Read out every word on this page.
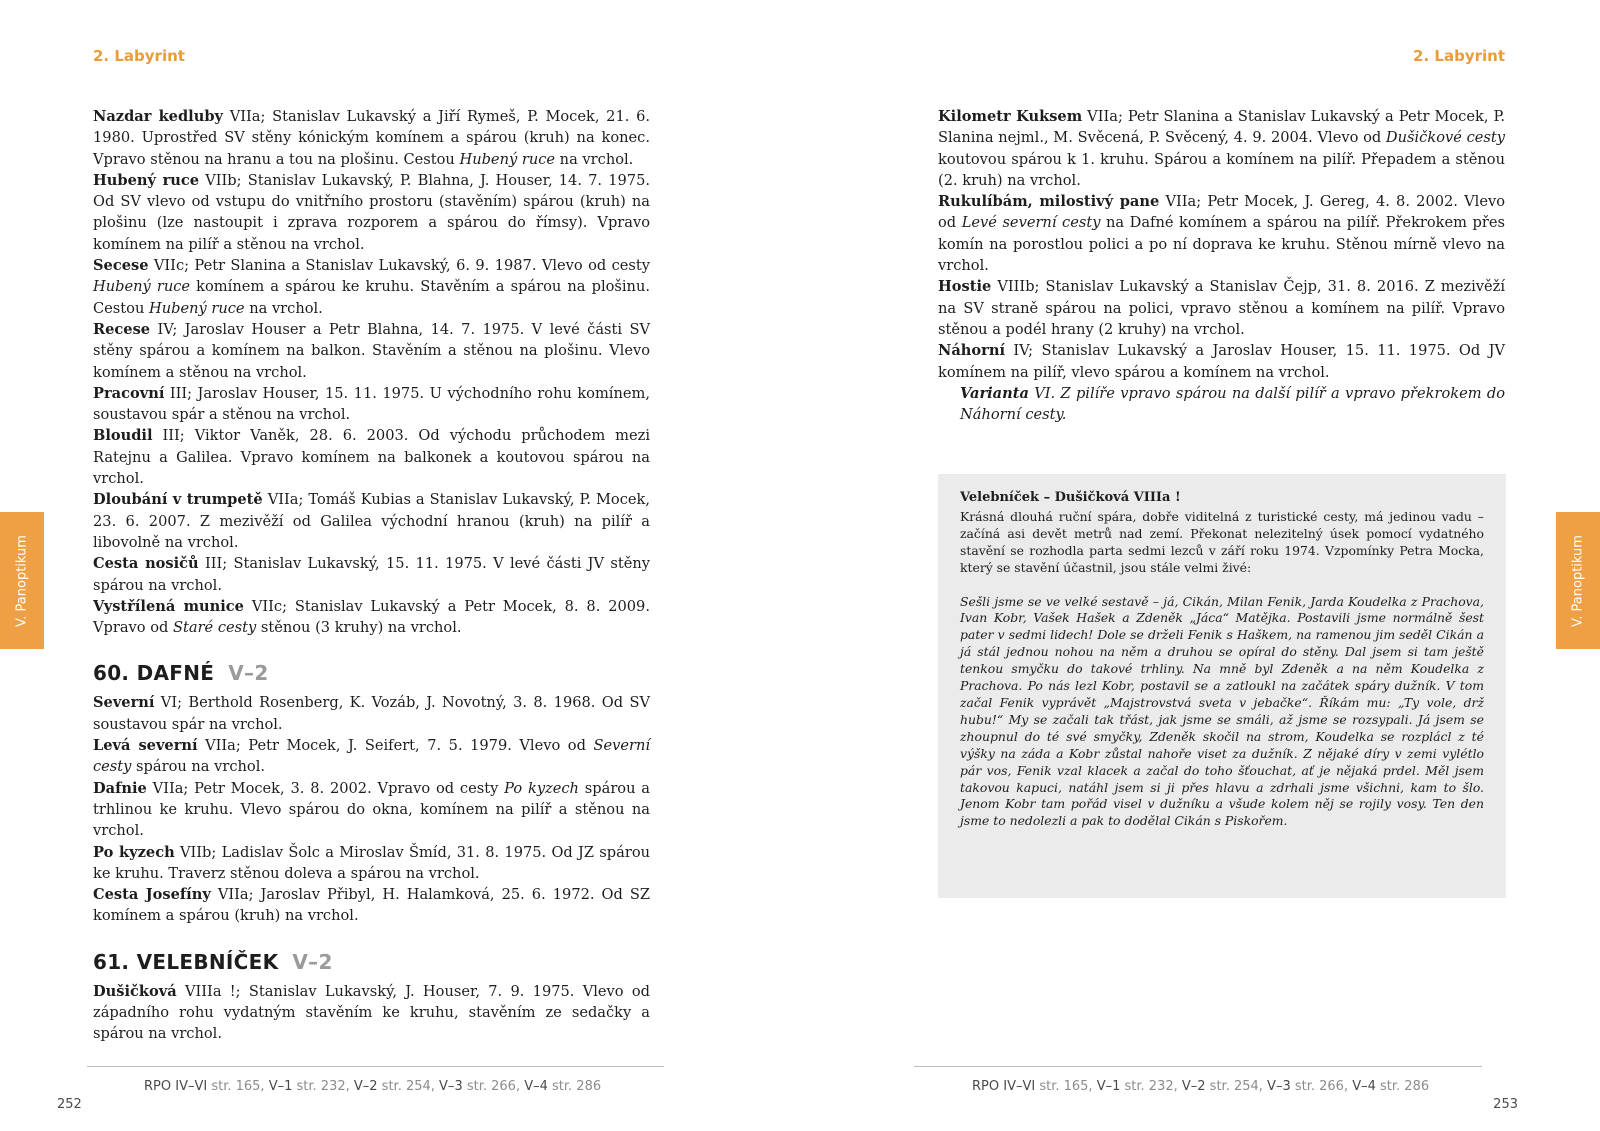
2. Labyrint
V. Panoptikum

Nazdar kedluby VIIa; Stanislav Lukavský a Jiří Rymeš, P. Mocek, 21. 6. 1980. Uprostřed SV stěny kónickým komínem a spárou (kruh) na konec. Vpravo stěnou na hranu a tou na plošinu. Cestou Hubený ruce na vrchol.

Hubený ruce VIIb; Stanislav Lukavský, P. Blahna, J. Houser, 14. 7. 1975. Od SV vlevo od vstupu do vnitřního prostoru (stavěním) spárou (kruh) na plošinu (lze nastoupit i zprava rozporem a spárou do římsy). Vpravo komínem na pilíř a stěnou na vrchol.

Secese VIIc; Petr Slanina a Stanislav Lukavský, 6. 9. 1987. Vlevo od cesty Hubený ruce komínem a spárou ke kruhu. Stavěním a spárou na plošinu. Cestou Hubený ruce na vrchol.

Recese IV; Jaroslav Houser a Petr Blahna, 14. 7. 1975. V levé části SV stěny spárou a komínem na balkon. Stavěním a stěnou na plošinu. Vlevo komínem a stěnou na vrchol.

Pracovní III; Jaroslav Houser, 15. 11. 1975. U východního rohu komínem, soustavou spár a stěnou na vrchol.

Bloudil III; Viktor Vaněk, 28. 6. 2003. Od východu průchodem mezi Ratejnu a Galilea. Vpravo komínem na balkonek a koutovou spárou na vrchol.

Dloubání v trumpetě VIIa; Tomáš Kubias a Stanislav Lukavský, P. Mocek, 23. 6. 2007. Z mezivěží od Galilea východní hranou (kruh) na pilíř a libovolně na vrchol.

Cesta nosičů III; Stanislav Lukavský, 15. 11. 1975. V levé části JV stěny spárou na vrchol.

Vystřílená munice VIIc; Stanislav Lukavský a Petr Mocek, 8. 8. 2009. Vpravo od Staré cesty stěnou (3 kruhy) na vrchol.

60. DAFNÉ V–2

Severní VI; Berthold Rosenberg, K. Vozáb, J. Novotný, 3. 8. 1968. Od SV soustavou spár na vrchol.

Levá severní VIIa; Petr Mocek, J. Seifert, 7. 5. 1979. Vlevo od Severní cesty spárou na vrchol.

Dafnie VIIa; Petr Mocek, 3. 8. 2002. Vpravo od cesty Po kyzech spárou a trhlinou ke kruhu. Vlevo spárou do okna, komínem na pilíř a stěnou na vrchol.

Po kyzech VIIb; Ladislav Šolc a Miroslav Šmíd, 31. 8. 1975. Od JZ spárou ke kruhu. Traverz stěnou doleva a spárou na vrchol.

Cesta Josefíny VIIa; Jaroslav Přibyl, H. Halamková, 25. 6. 1972. Od SZ komínem a spárou (kruh) na vrchol.

61. VELEBNÍČEK V–2

Dušičková VIIIa !; Stanislav Lukavský, J. Houser, 7. 9. 1975. Vlevo od západního rohu vydatným stavěním ke kruhu, stavěním ze sedačky a spárou na vrchol.

RPO IV–VI str. 165, V–1 str. 232, V–2 str. 254, V–3 str. 266, V–4 str. 286
252
2. Labyrint
V. Panoptikum

Kilometr Kuksem VIIa; Petr Slanina a Stanislav Lukavský a Petr Mocek, P. Slanina nejml., M. Svěcená, P. Svěcený, 4. 9. 2004. Vlevo od Dušičkové cesty koutovou spárou k 1. kruhu. Spárou a komínem na pilíř. Přepadem a stěnou (2. kruh) na vrchol.

Rukulíbám, milostivý pane VIIa; Petr Mocek, J. Gereg, 4. 8. 2002. Vlevo od Levé severní cesty na Dafné komínem a spárou na pilíř. Překrokem přes komín na porostlou polici a po ní doprava ke kruhu. Stěnou mírně vlevo na vrchol.

Hostie VIIIb; Stanislav Lukavský a Stanislav Čejp, 31. 8. 2016. Z mezivěží na SV straně spárou na polici, vpravo stěnou a komínem na pilíř. Vpravo stěnou a podél hrany (2 kruhy) na vrchol.

Náhorní IV; Stanislav Lukavský a Jaroslav Houser, 15. 11. 1975. Od JV komínem na pilíř, vlevo spárou a komínem na vrchol.

Varianta VI. Z pilíře vpravo spárou na další pilíř a vpravo překrokem do Náhorní cesty.

Velebníček – Dušičková VIIIa !

Krásná dlouhá ruční spára, dobře viditelná z turistické cesty, má jedinou vadu – začíná asi devět metrů nad zemí. Překonat nelezitelný úsek pomocí vydatného stavění se rozhodla parta sedmi lezců v září roku 1974. Vzpomínky Petra Mocka, který se stavění účastnil, jsou stále velmi živé:

Sešli jsme se ve velké sestavě – já, Cikán, Milan Fenik, Jarda Koudelka z Prachova, Ivan Kobr, Vašek Hašek a Zdeněk „Jáca“ Matějka. Postavili jsme normálně šest pater v sedmi lidech! Dole se drželi Fenik s Haškem, na ramenou jim seděl Cikán a já stál jednou nohou na něm a druhou se opíral do stěny. Dal jsem si tam ještě tenkou smyčku do takové trhliny. Na mně byl Zdeněk a na něm Koudelka z Prachova. Po nás lezl Kobr, postavil se a zatloukl na začátek spáry dužník. V tom začal Fenik vyprávět „Majstrovstvá sveta v jebačke“. Říkám mu: „Ty vole, drž hubu!“ My se začali tak třást, jak jsme se smáli, až jsme se rozsypali. Já jsem se zhoupnul do té své smyčky, Zdeněk skočil na strom, Koudelka se rozplácl z té výšky na záda a Kobr zůstal nahoře viset za dužník. Z nějaké díry v zemi vylétlo pár vos, Fenik vzal klacek a začal do toho šťouchat, ať je nějaká prdel. Měl jsem takovou kapuci, natáhl jsem si ji přes hlavu a zdrhali jsme všichni, kam to šlo. Jenom Kobr tam pořád visel v dužníku a všude kolem něj se rojily vosy. Ten den jsme to nedolezli a pak to dodělal Cikán s Piskořem.

RPO IV–VI str. 165, V–1 str. 232, V–2 str. 254, V–3 str. 266, V–4 str. 286
253
